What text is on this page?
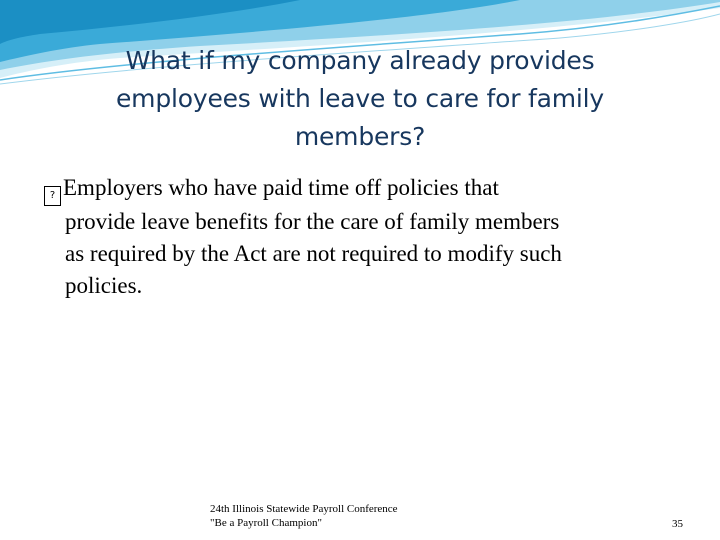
What if my company already provides employees with leave to care for family members?
? Employers who have paid time off policies that
provide leave benefits for the care of family members
as required by the Act are not required to modify such
policies.
24th Illinois Statewide Payroll Conference
"Be a Payroll Champion"	35
